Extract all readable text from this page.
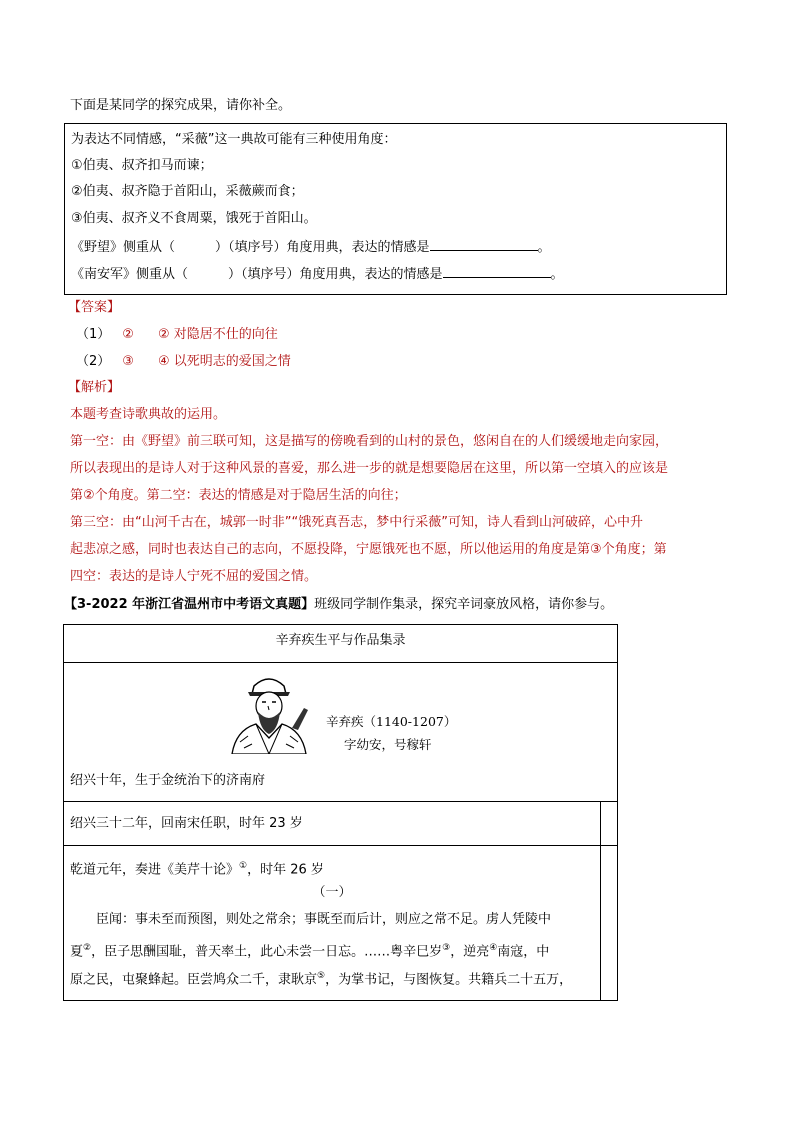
下面是某同学的探究成果，请你补全。
为表达不同情感，“采薇”这一典故可能有三种使用角度：
①伯夷、叔齐扣马而谏；
②伯夷、叔齐隐于首阳山，采薇蕨而食；
③伯夷、叔齐义不食周粟，饿死于首阳山。
《野望》侧重从（	）（填序号）角度用典，表达的情感是	。
《南安军》侧重从（	）（填序号）角度用典，表达的情感是	。
【答案】
（1） ② ② 对隐居不仕的向往
（2） ③ ④ 以死明志的爱国之情
【解析】
本题考查诗歌典故的运用。
第一空：由《野望》前三联可知，这是描写的傍晚看到的山村的景色，悠闲自在的人们缓缓地走向家园，
所以表现出的是诗人对于这种风景的喜爱，那么进一步的就是想要隐居在这里，所以第一空填入的应该是
第②个角度。第二空：表达的情感是对于隐居生活的向往；
第三空：由“山河千古在，城郭一时非”“饿死真吾志，梦中行采薇”可知，诗人看到山河破碎，心中升
起悲凉之感，同时也表达自己的志向，不愿投降，宁愿饿死也不愿，所以他运用的角度是第③个角度；第
四空：表达的是诗人宁死不屈的爱国之情。
【3-2022 年浙江省温州市中考语文真题】班级同学制作集录，探究辛词豪放风格，请你参与。
辛弃疾生平与作品集录
辛弃疾（1140-1207）
字幼安，号稼轩
绍兴十年，生于金统治下的济南府
绍兴三十二年，回南宋任职，时年 23 岁
乾道元年，奏进《美芹十论》①，时年 26 岁
（一）
臣闻：事未至而预图，则处之常余；事既至而后计，则应之常不足。虏人凭陵中
夏②，臣子思酬国耻，普天率土，此心未尝一日忘。……粤辛巳岁③，逆亮④南寇，中
原之民，屯聚蜂起。臣尝鸠众二千，隶耿京⑤，为掌书记，与图恢复。共籍兵二十五万，
